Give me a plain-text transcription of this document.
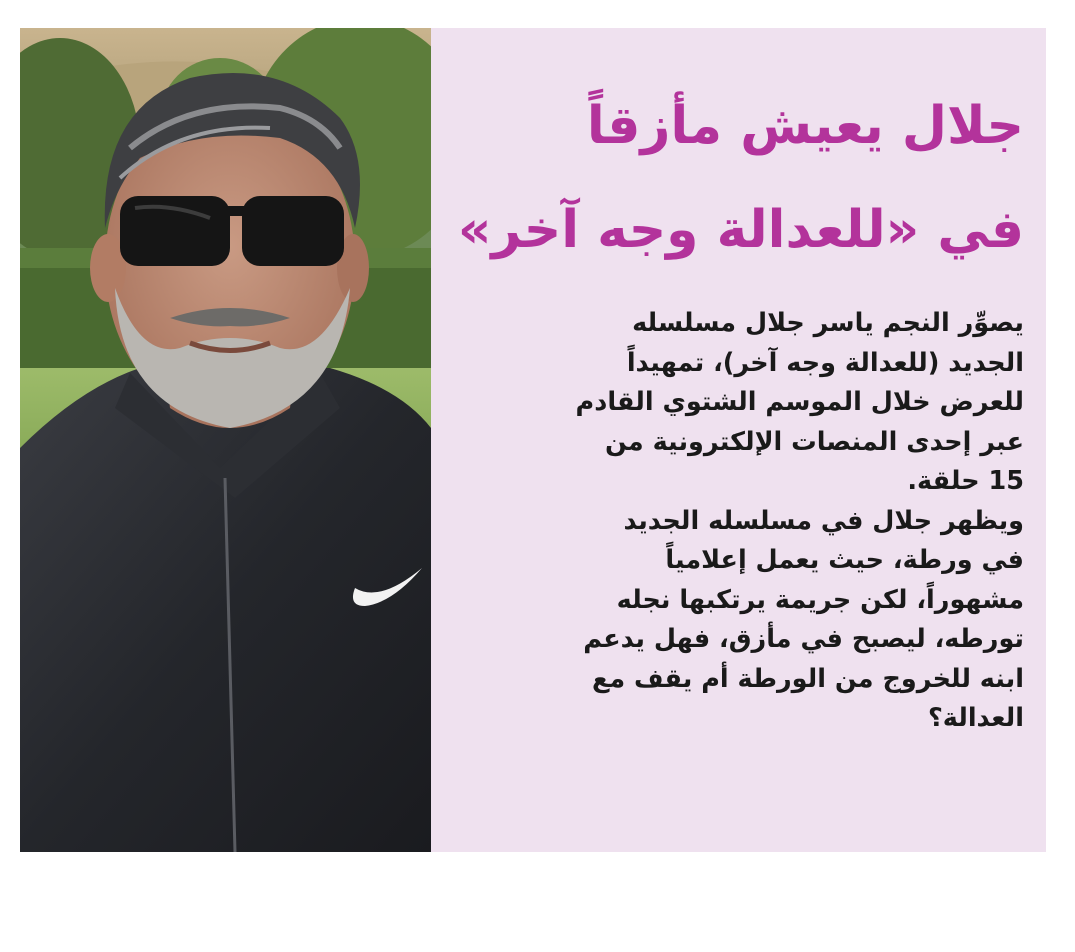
جلال يعيش مأزقاً
في «للعدالة وجه آخر»
يصوِّر النجم ياسر جلال مسلسله
الجديد (للعدالة وجه آخر)، تمهيداً
للعرض خلال الموسم الشتوي القادم
عبر إحدى المنصات الإلكترونية من
15 حلقة.
ويظهر جلال في مسلسله الجديد
في ورطة، حيث يعمل إعلامياً
مشهوراً، لكن جريمة يرتكبها نجله
تورطه، ليصبح في مأزق، فهل يدعم
ابنه للخروج من الورطة أم يقف مع
العدالة؟
